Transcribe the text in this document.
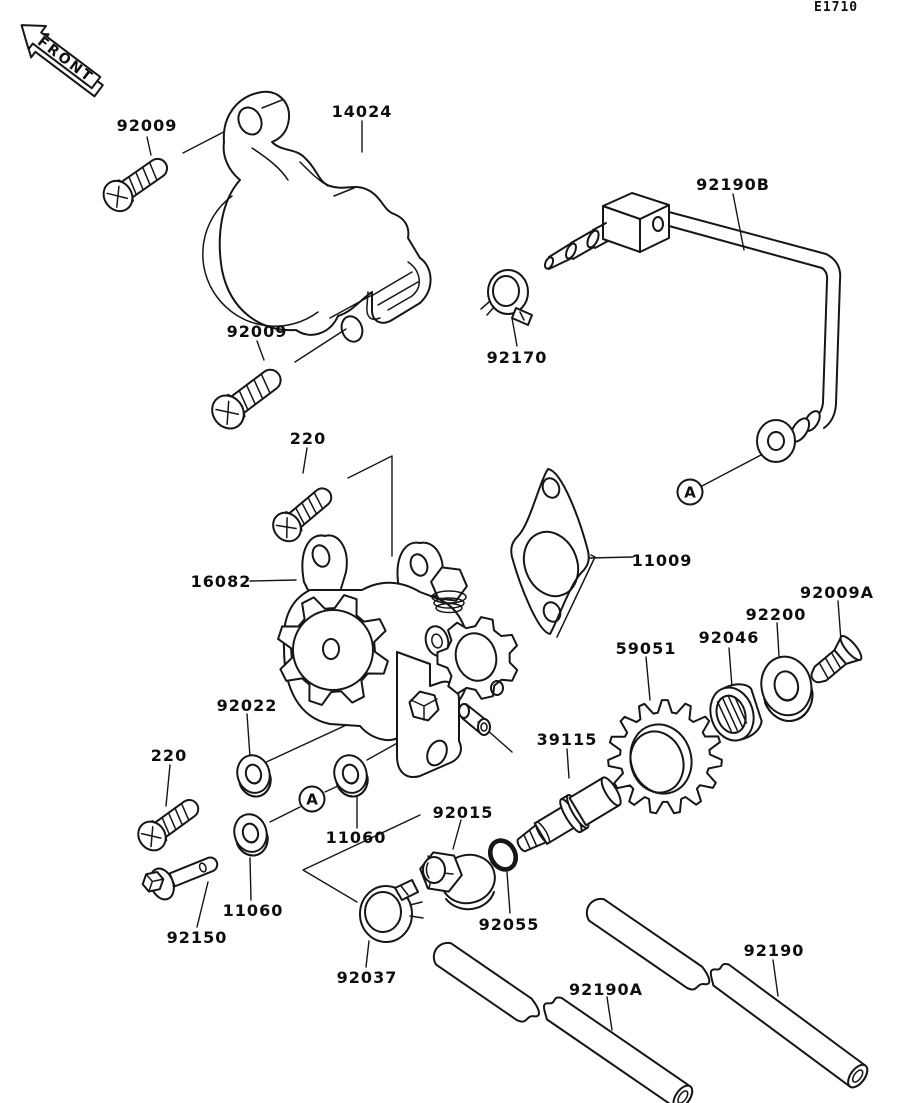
FRONT
A
A
E1710
92009
14024
92190B
92009
92170
220
11009
16082
92009A
92200
92046
59051
92022
39115
220
92015
11060
11060
92055
92150
92037
92190A
92190
